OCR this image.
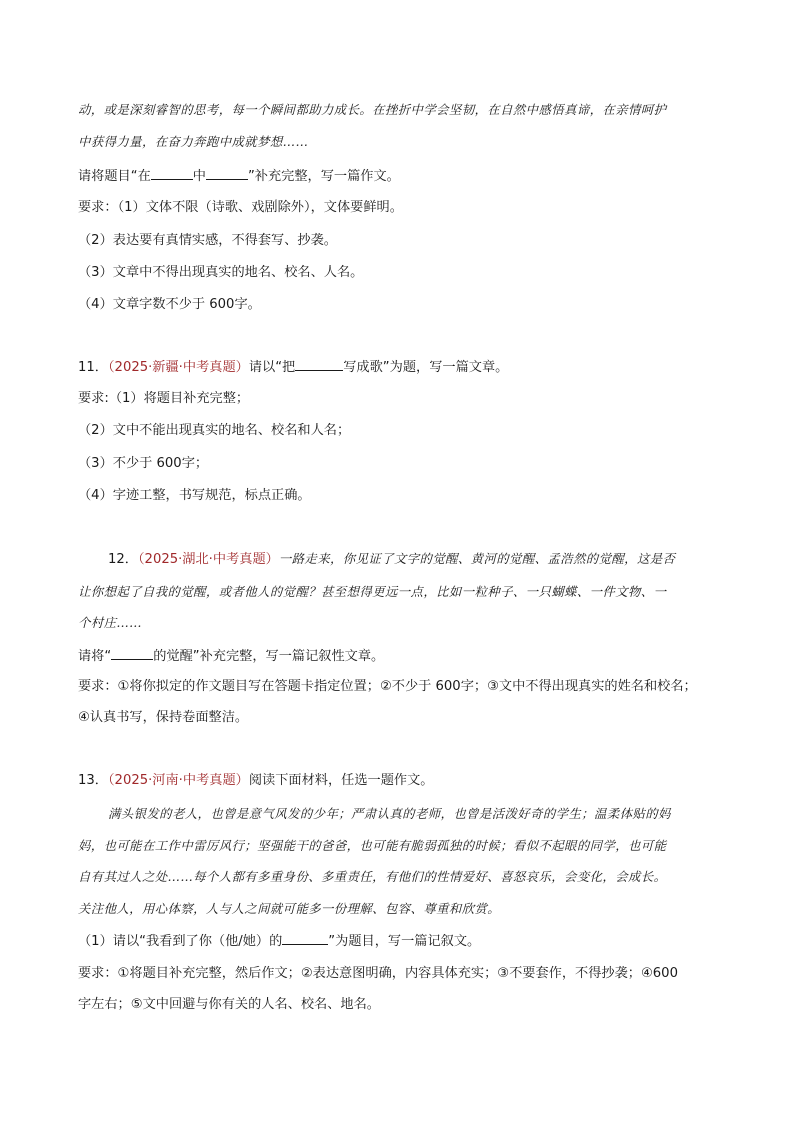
动，或是深刻睿智的思考，每一个瞬间都助力成长。在挫折中学会坚韧，在自然中感悟真谛，在亲情呵护
中获得力量，在奋力奔跑中成就梦想……
请将题目“在	中	”补充完整，写一篇作文。
要求：（1）文体不限（诗歌、戏剧除外），文体要鲜明。
（2）表达要有真情实感，不得套写、抄袭。
（3）文章中不得出现真实的地名、校名、人名。
（4）文章字数不少于 600字。
11．（2025·新疆·中考真题）请以“把	写成歌”为题，写一篇文章。
要求:（1）将题目补充完整；
（2）文中不能出现真实的地名、校名和人名；
（3）不少于 600字；
（4）字迹工整，书写规范，标点正确。
12．（2025·湖北·中考真题）一路走来，你见证了文字的觉醒、黄河的觉醒、孟浩然的觉醒，这是否
让你想起了自我的觉醒，或者他人的觉醒？甚至想得更远一点，比如一粒种子、一只蝴蝶、一件文物、一
个村庄……
请将“	的觉醒”补充完整，写一篇记叙性文章。
要求：①将你拟定的作文题目写在答题卡指定位置；②不少于 600字；③文中不得出现真实的姓名和校名；
④认真书写，保持卷面整洁。
13．（2025·河南·中考真题）阅读下面材料，任选一题作文。
满头银发的老人，也曾是意气风发的少年；严肃认真的老师，也曾是活泼好奇的学生；温柔体贴的妈
妈，也可能在工作中雷厉风行；坚强能干的爸爸，也可能有脆弱孤独的时候；看似不起眼的同学，也可能
自有其过人之处……每个人都有多重身份、多重责任，有他们的性情爱好、喜怒哀乐，会变化，会成长。
关注他人，用心体察，人与人之间就可能多一份理解、包容、尊重和欣赏。
（1）请以“我看到了你（他/她）的	”为题目，写一篇记叙文。
要求：①将题目补充完整，然后作文；②表达意图明确，内容具体充实；③不要套作，不得抄袭；④600
字左右；⑤文中回避与你有关的人名、校名、地名。
